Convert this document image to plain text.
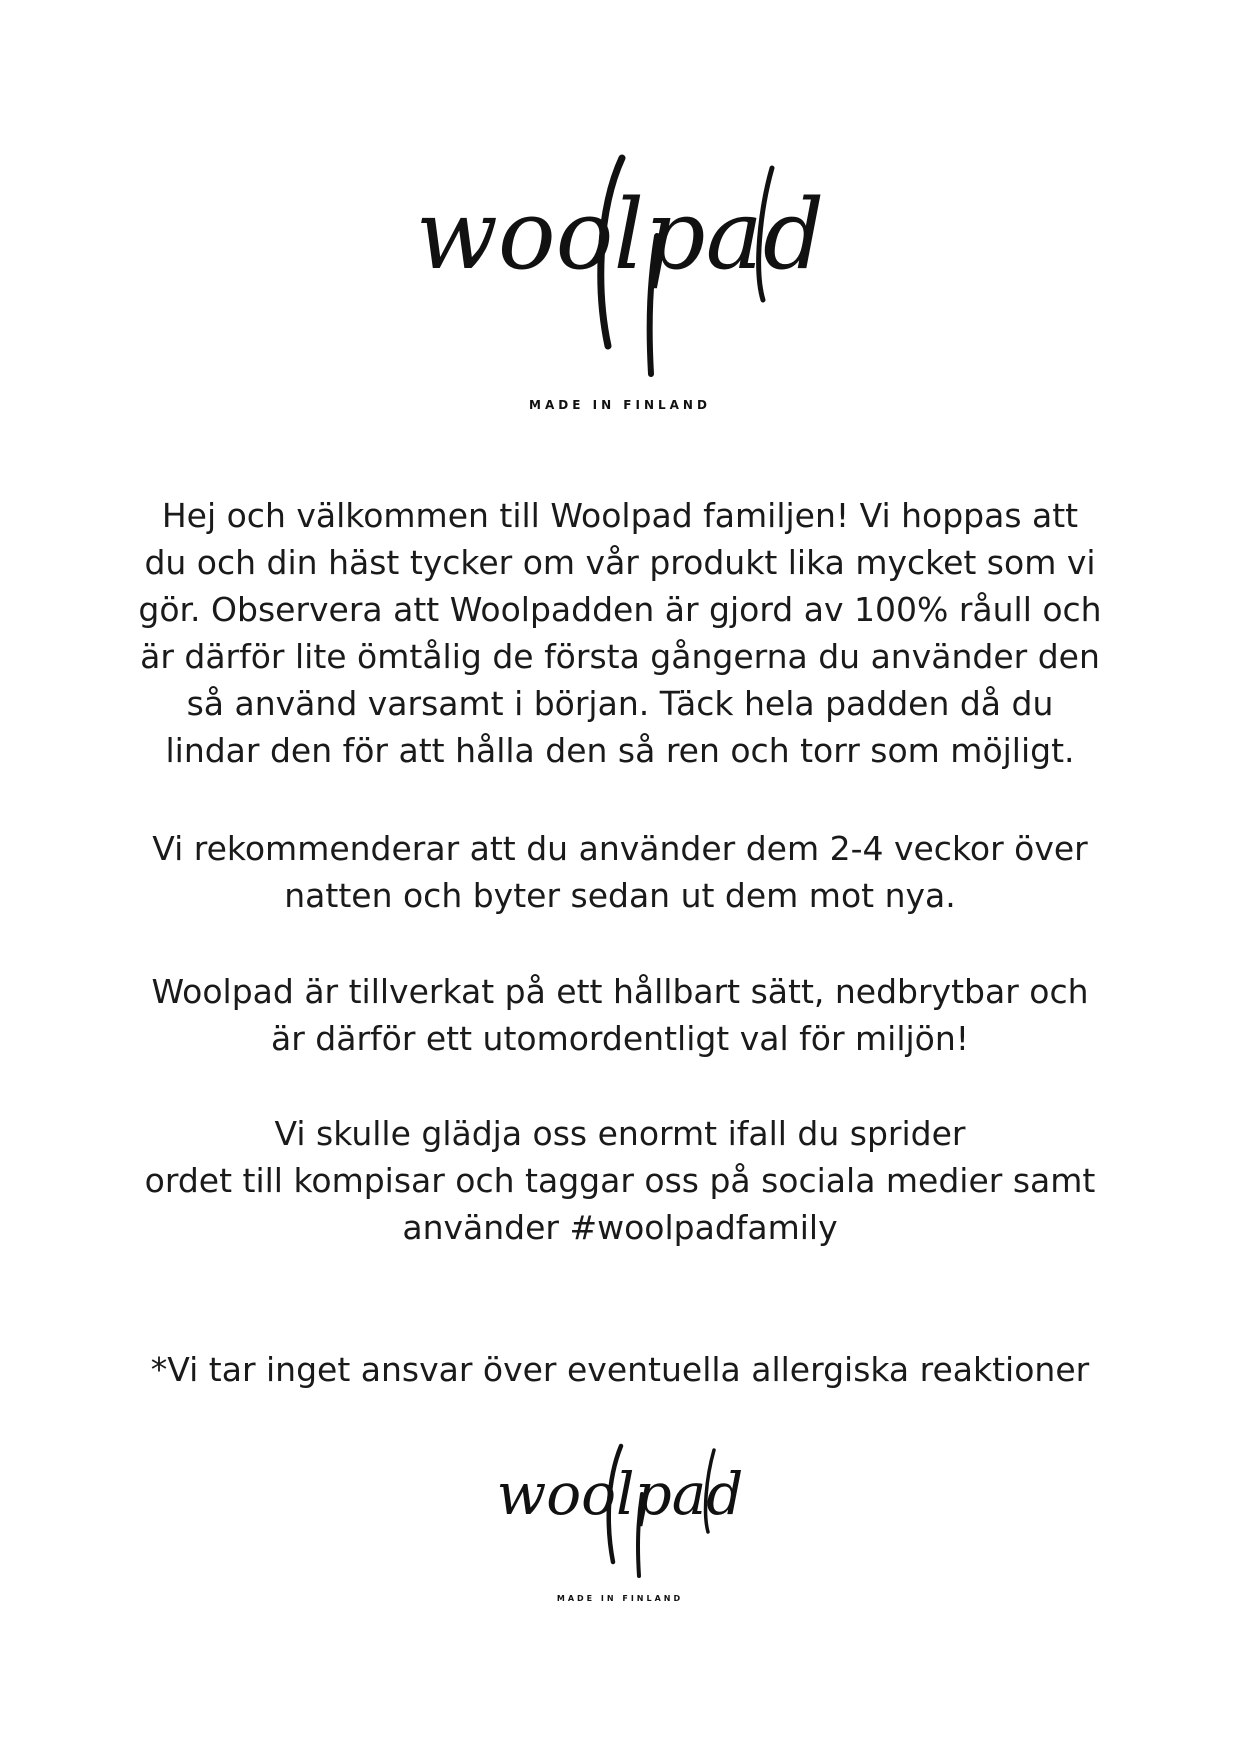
woolpad
MADE IN FINLAND
Hej och välkommen till Woolpad familjen! Vi hoppas att
du och din häst tycker om vår produkt lika mycket som vi
gör. Observera att Woolpadden är gjord av 100% råull och
är därför lite ömtålig de första gångerna du använder den
så använd varsamt i början. Täck hela padden då du
lindar den för att hålla den så ren och torr som möjligt.
Vi rekommenderar att du använder dem 2-4 veckor över
natten och byter sedan ut dem mot nya.
Woolpad är tillverkat på ett hållbart sätt, nedbrytbar och
är därför ett utomordentligt val för miljön!
Vi skulle glädja oss enormt ifall du sprider
ordet till kompisar och taggar oss på sociala medier samt
använder #woolpadfamily
*Vi tar inget ansvar över eventuella allergiska reaktioner
woolpad
MADE IN FINLAND
